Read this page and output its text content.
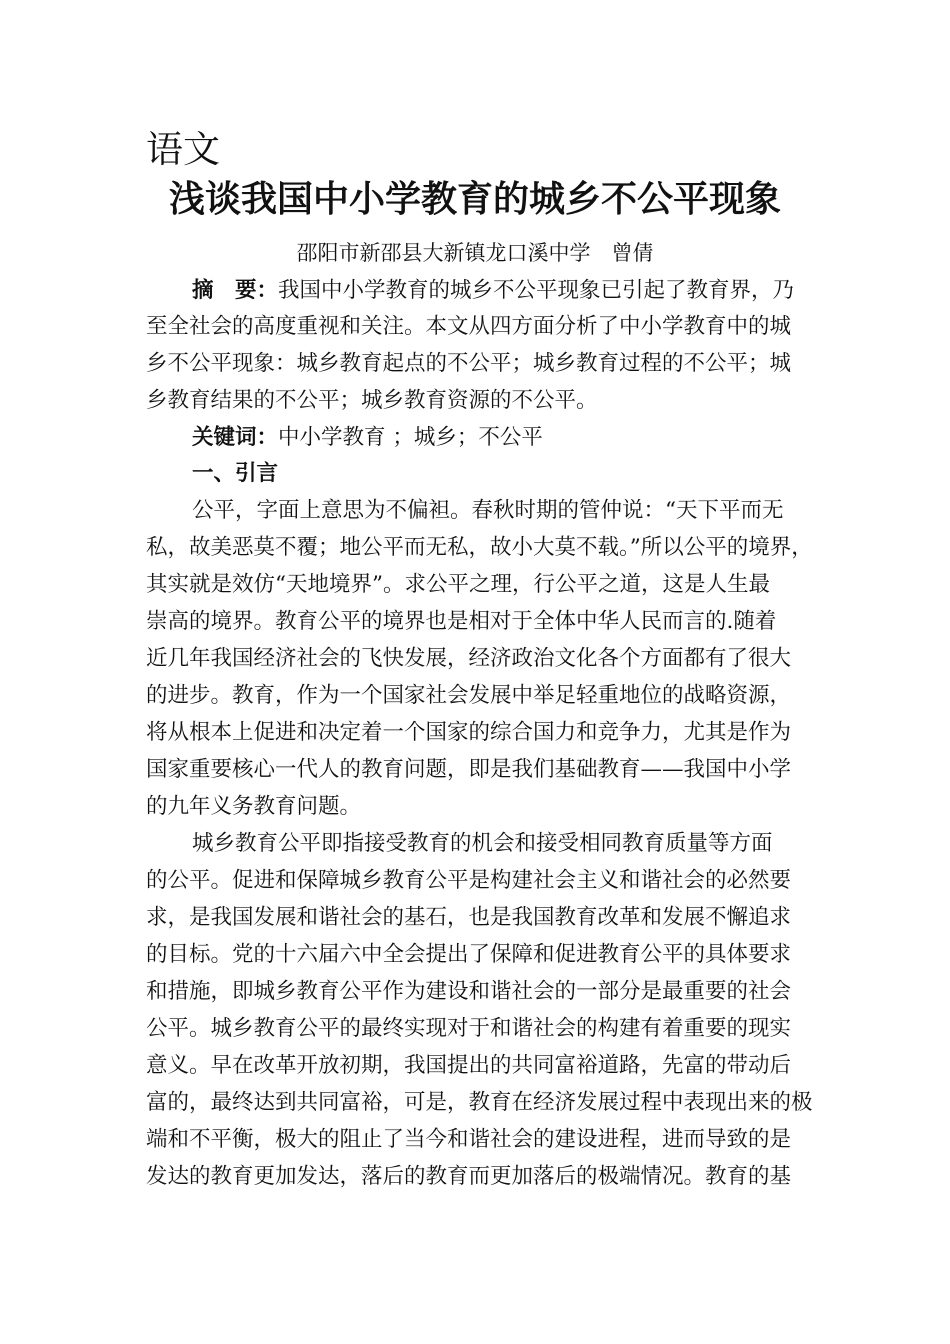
语文
浅谈我国中小学教育的城乡不公平现象
邵阳市新邵县大新镇龙口溪中学　曾倩
摘　要：我国中小学教育的城乡不公平现象已引起了教育界，乃
至全社会的高度重视和关注。本文从四方面分析了中小学教育中的城
乡不公平现象：城乡教育起点的不公平；城乡教育过程的不公平；城
乡教育结果的不公平；城乡教育资源的不公平。
关键词：中小学教育 ；城乡；不公平
一、引言
公平，字面上意思为不偏袒。春秋时期的管仲说：“天下平而无
私，故美恶莫不覆；地公平而无私，故小大莫不载。”所以公平的境界，
其实就是效仿“天地境界”。求公平之理，行公平之道，这是人生最
崇高的境界。教育公平的境界也是相对于全体中华人民而言的.随着
近几年我国经济社会的飞快发展，经济政治文化各个方面都有了很大
的进步。教育，作为一个国家社会发展中举足轻重地位的战略资源，
将从根本上促进和决定着一个国家的综合国力和竞争力，尤其是作为
国家重要核心一代人的教育问题，即是我们基础教育——我国中小学
的九年义务教育问题。
城乡教育公平即指接受教育的机会和接受相同教育质量等方面
的公平。促进和保障城乡教育公平是构建社会主义和谐社会的必然要
求，是我国发展和谐社会的基石，也是我国教育改革和发展不懈追求
的目标。党的十六届六中全会提出了保障和促进教育公平的具体要求
和措施，即城乡教育公平作为建设和谐社会的一部分是最重要的社会
公平。城乡教育公平的最终实现对于和谐社会的构建有着重要的现实
意义。早在改革开放初期，我国提出的共同富裕道路，先富的带动后
富的，最终达到共同富裕，可是，教育在经济发展过程中表现出来的极
端和不平衡，极大的阻止了当今和谐社会的建设进程，进而导致的是
发达的教育更加发达，落后的教育而更加落后的极端情况。教育的基
